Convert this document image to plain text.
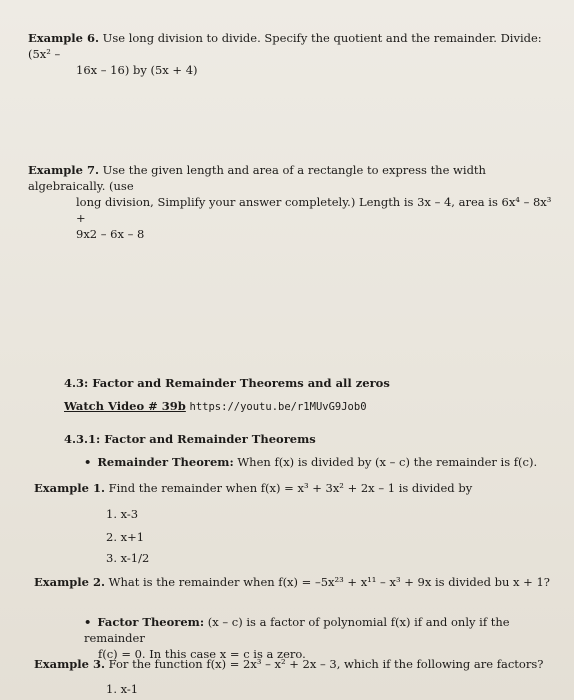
Example 6. Use long division to divide. Specify the quotient and the remainder. Divide: (5x² –
16x – 16) by (5x + 4)
Example 7. Use the given length and area of a rectangle to express the width algebraically. (use
long division, Simplify your answer completely.) Length is 3x – 4, area is 6x⁴ – 8x³ +
9x2 – 6x – 8
4.3: Factor and Remainder Theorems and all zeros
Watch Video # 39b https://youtu.be/r1MUvG9Job0
4.3.1: Factor and Remainder Theorems
• Remainder Theorem: When f(x) is divided by (x – c) the remainder is f(c).
Example 1. Find the remainder when f(x) = x³ + 3x² + 2x – 1 is divided by
1. x-3
2. x+1
3. x-1/2
Example 2. What is the remainder when f(x) = –5x²³ + x¹¹ – x³ + 9x is divided bu x + 1?
• Factor Theorem: (x – c) is a factor of polynomial f(x) if and only if the remainder
f(c) = 0. In this case x = c is a zero.
Example 3. For the function f(x) = 2x³ – x² + 2x – 3, which if the following are factors?
1. x-1
